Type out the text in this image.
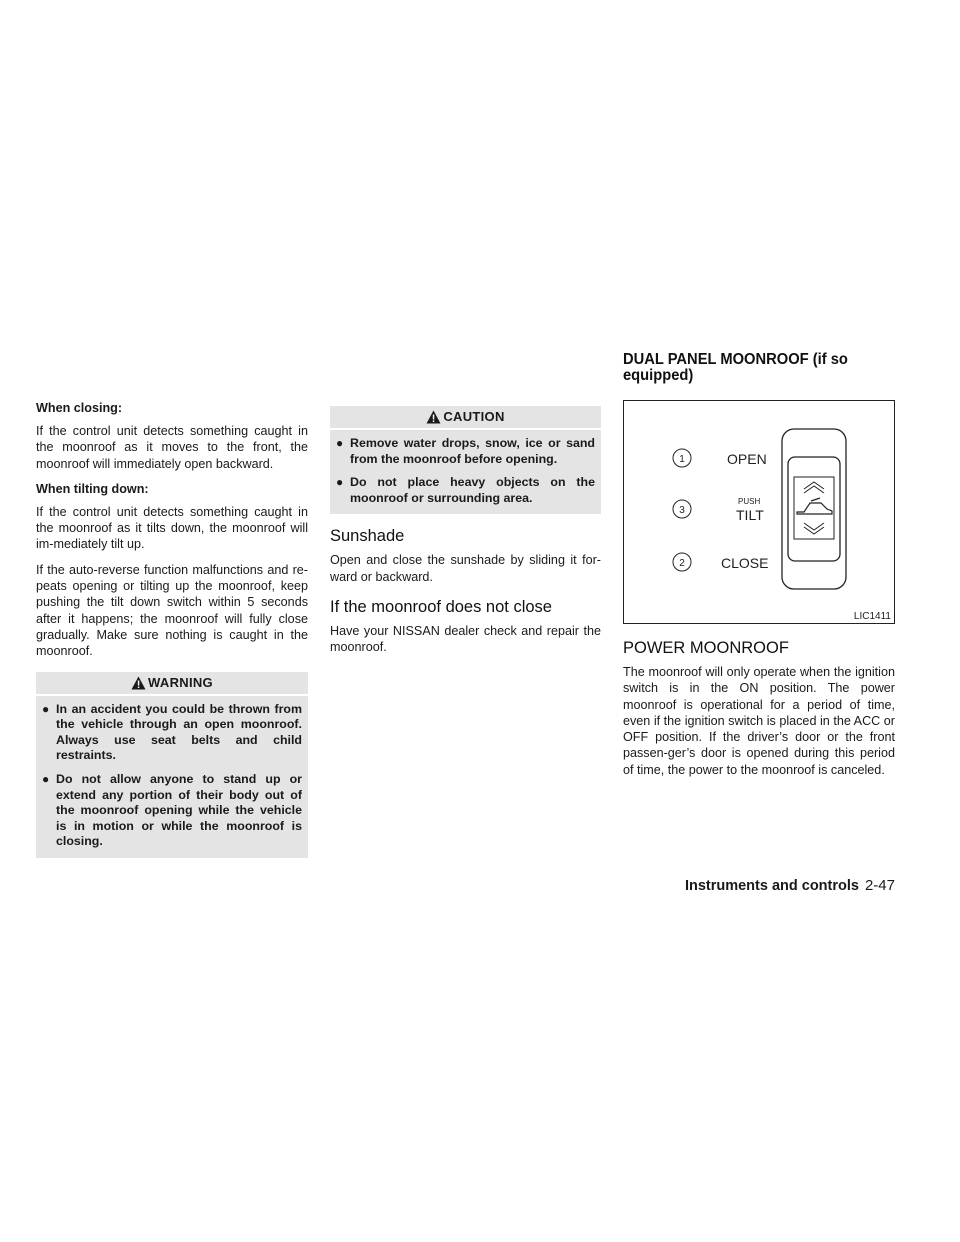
When closing:

If the control unit detects something caught in the moonroof as it moves to the front, the moonroof will immediately open backward.

When tilting down:

If the control unit detects something caught in the moonroof as it tilts down, the moonroof will im-mediately tilt up.

If the auto-reverse function malfunctions and re-peats opening or tilting up the moonroof, keep pushing the tilt down switch within 5 seconds after it happens; the moonroof will fully close gradually. Make sure nothing is caught in the moonroof.

WARNING
● In an accident you could be thrown from the vehicle through an open moonroof. Always use seat belts and child restraints.
● Do not allow anyone to stand up or extend any portion of their body out of the moonroof opening while the vehicle is in motion or while the moonroof is closing.
CAUTION
● Remove water drops, snow, ice or sand from the moonroof before opening.
● Do not place heavy objects on the moonroof or surrounding area.
Sunshade

Open and close the sunshade by sliding it for-ward or backward.

If the moonroof does not close

Have your NISSAN dealer check and repair the moonroof.

DUAL PANEL MOONROOF (if so
equipped)
1
3
2
OPEN
PUSH
TILT
CLOSE
LIC1411
POWER MOONROOF

The moonroof will only operate when the ignition switch is in the ON position. The power moonroof is operational for a period of time, even if the ignition switch is placed in the ACC or OFF position. If the driver’s door or the front passen-ger’s door is opened during this period of time, the power to the moonroof is canceled.

Instruments and controls 2-47
